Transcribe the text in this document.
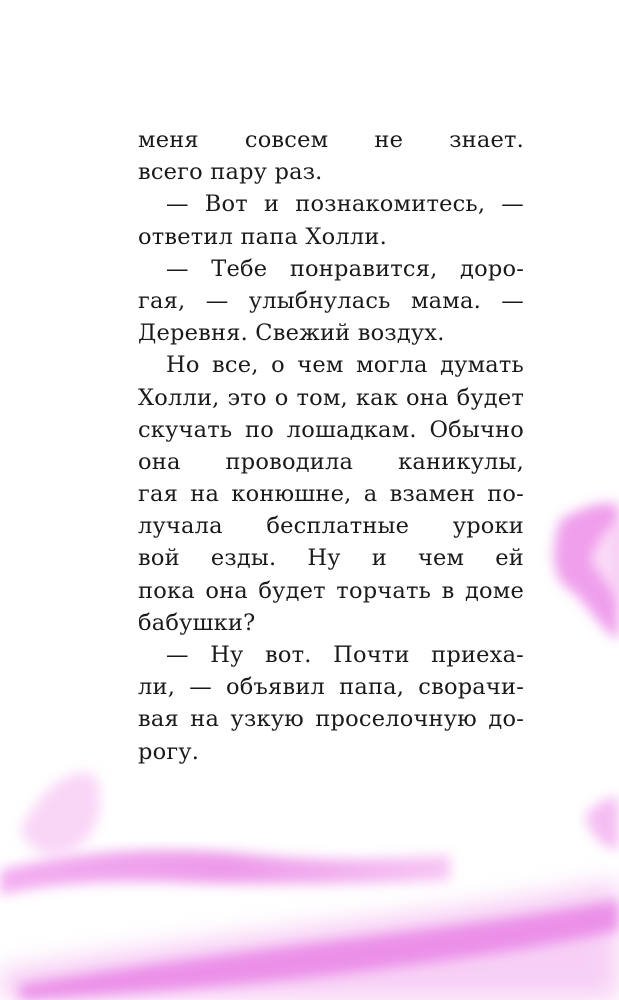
меня совсем не знает.
всего пару раз.
— Вот и познакомитесь, —
ответил папа Холли.
— Тебе понравится, доро-
гая, — улыбнулась мама. —
Деревня. Свежий воздух.
Но все, о чем могла думать
Холли, это о том, как она будет
скучать по лошадкам. Обычно
она проводила каникулы,
гая на конюшне, а взамен по-
лучала бесплатные уроки
вой езды. Ну и чем ей
пока она будет торчать в доме
бабушки?
— Ну вот. Почти приеха-
ли, — объявил папа, сворачи-
вая на узкую проселочную до-
рогу.
